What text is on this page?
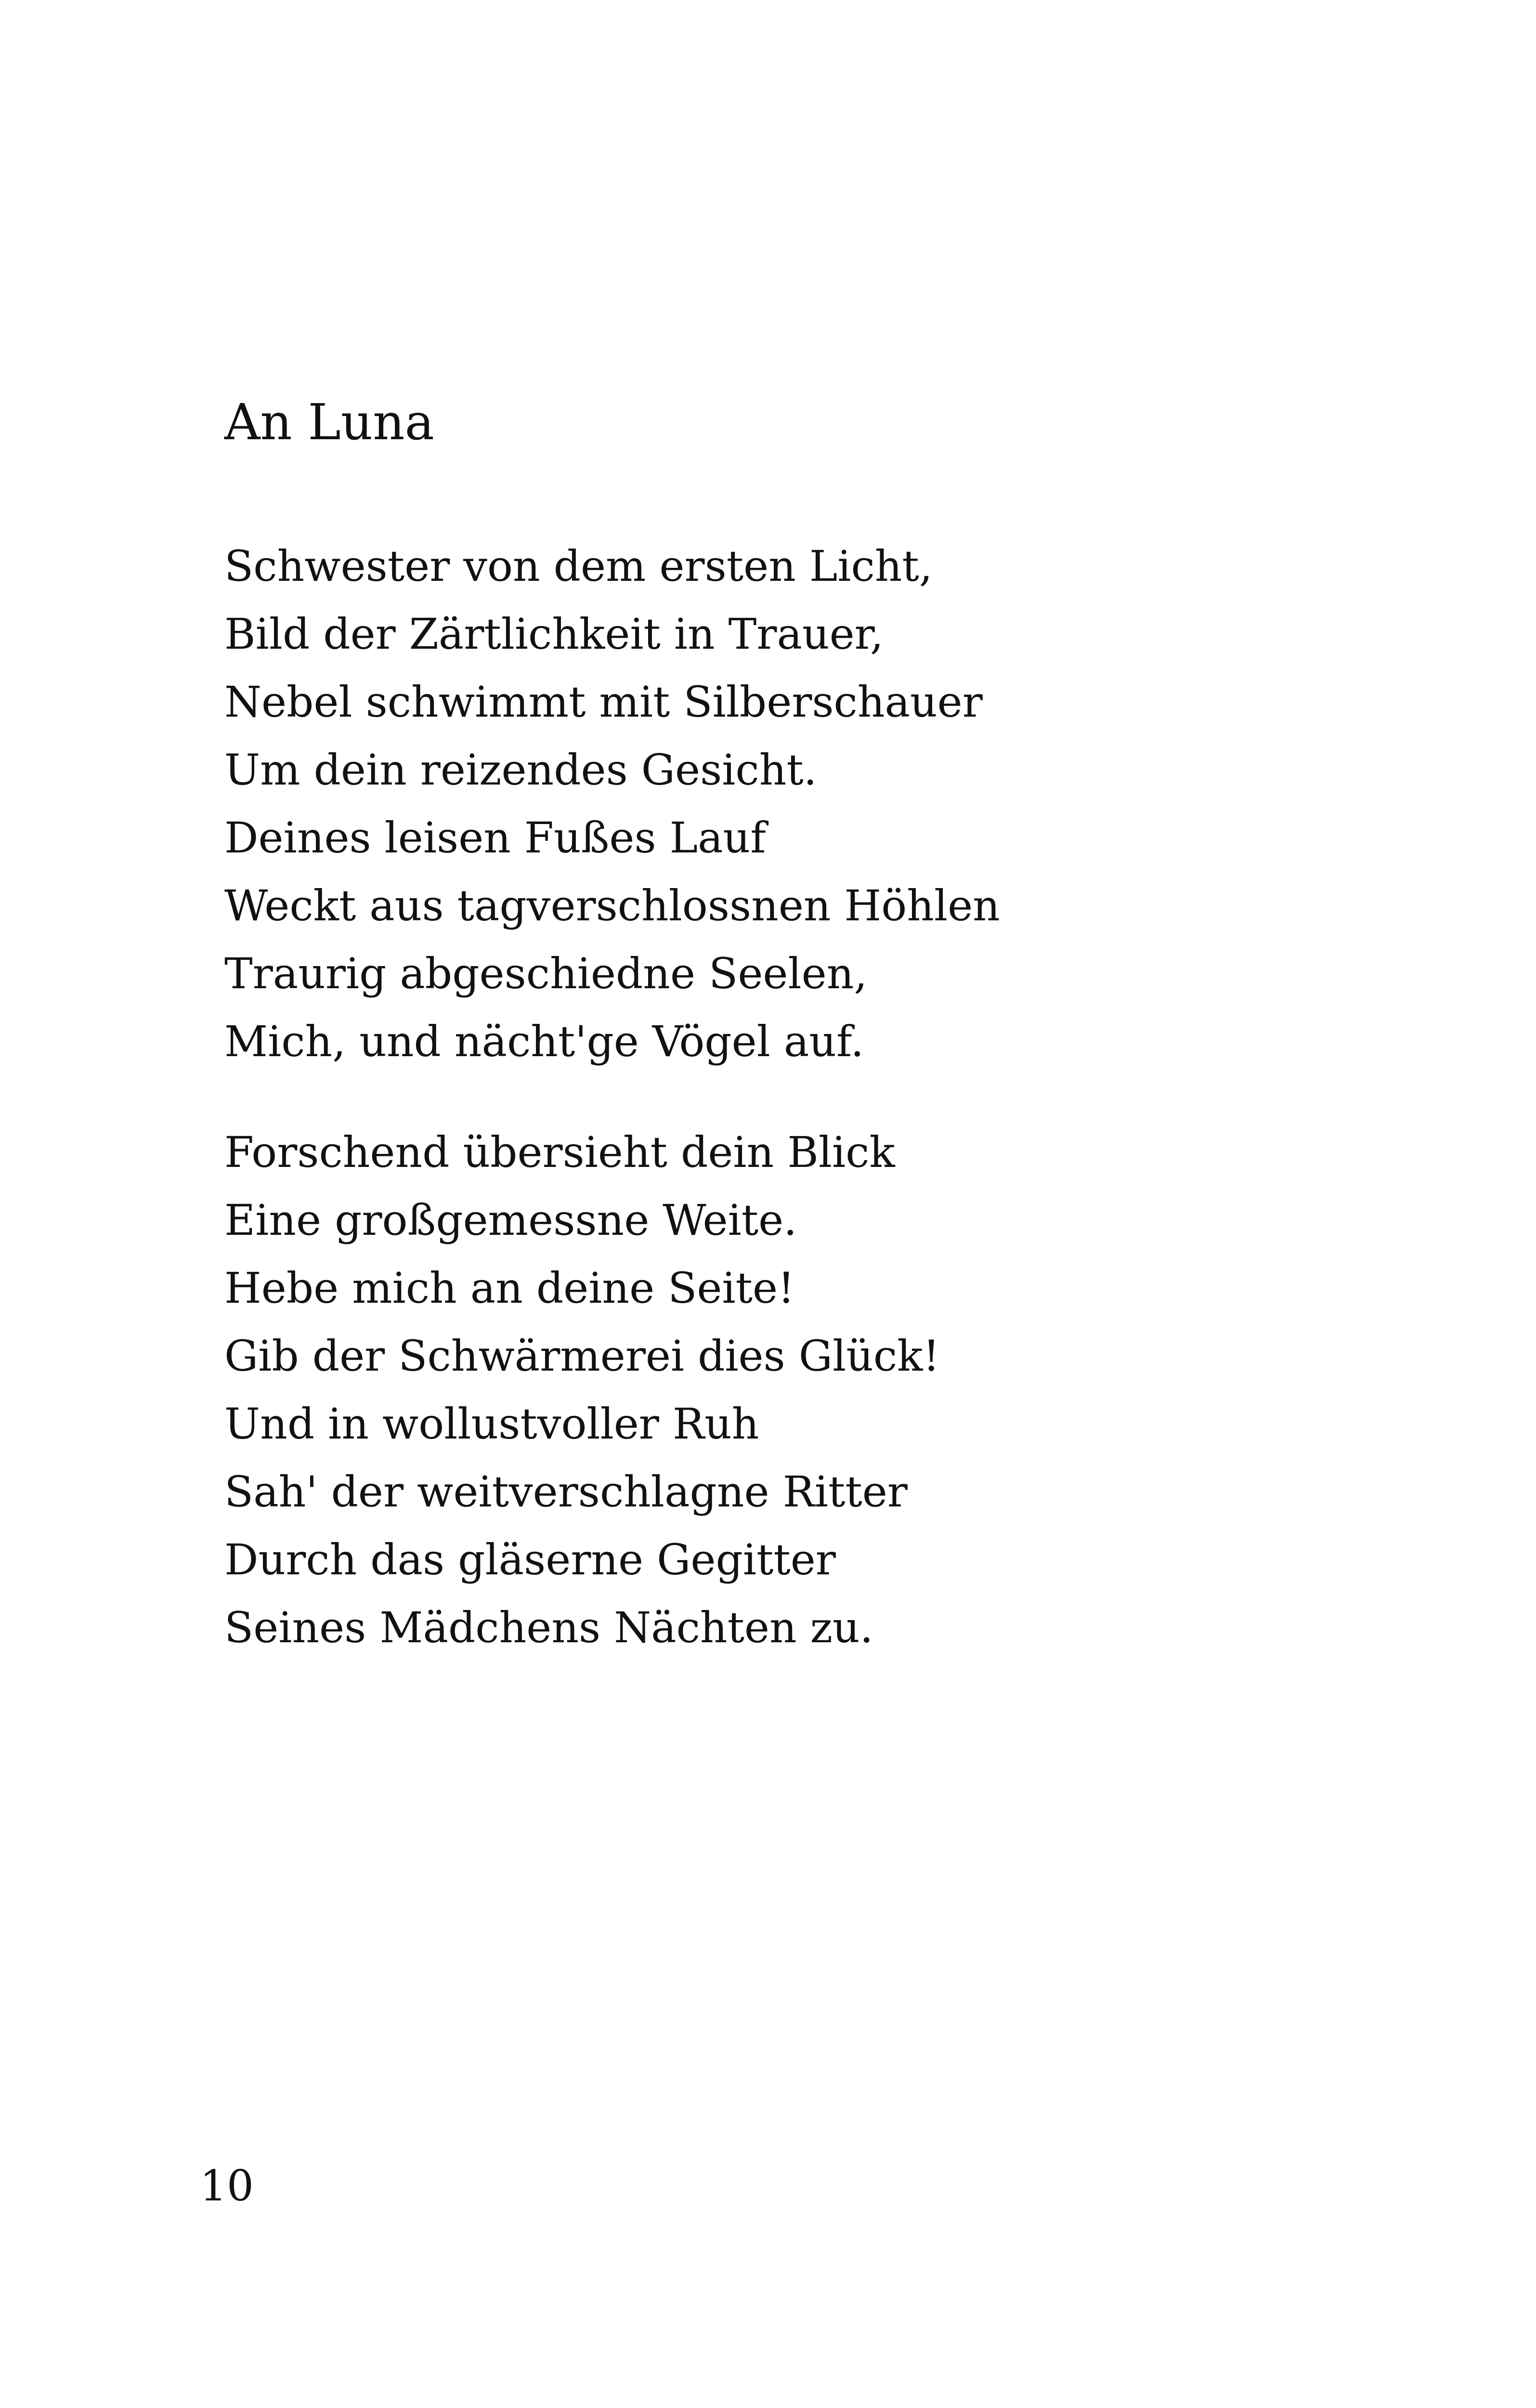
An Luna
Schwester von dem ersten Licht,
Bild der Zärtlichkeit in Trauer,
Nebel schwimmt mit Silberschauer
Um dein reizendes Gesicht.
Deines leisen Fußes Lauf
Weckt aus tagverschlossnen Höhlen
Traurig abgeschiedne Seelen,
Mich, und nächt'ge Vögel auf.
Forschend übersieht dein Blick
Eine großgemessne Weite.
Hebe mich an deine Seite!
Gib der Schwärmerei dies Glück!
Und in wollustvoller Ruh
Sah' der weitverschlagne Ritter
Durch das gläserne Gegitter
Seines Mädchens Nächten zu.
10
